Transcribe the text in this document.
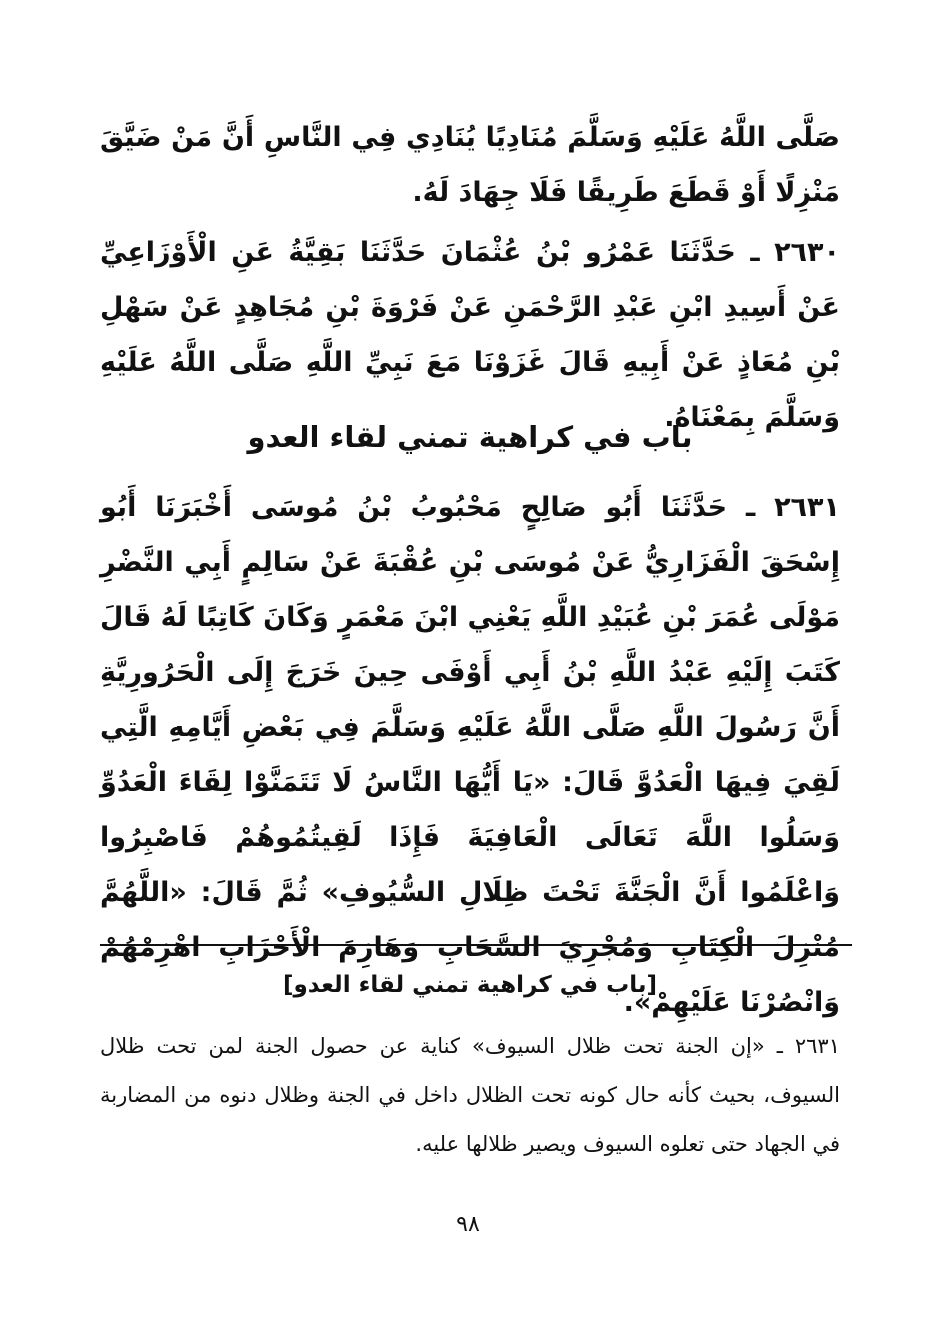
صَلَّى اللَّهُ عَلَيْهِ وَسَلَّمَ مُنَادِيًا يُنَادِي فِي النَّاسِ أَنَّ مَنْ ضَيَّقَ مَنْزِلًا أَوْ قَطَعَ طَرِيقًا فَلَا جِهَادَ لَهُ.

٢٦٣٠ ـ حَدَّثَنَا عَمْرُو بْنُ عُثْمَانَ حَدَّثَنَا بَقِيَّةُ عَنِ الْأَوْزَاعِيِّ عَنْ أَسِيدِ ابْنِ عَبْدِ الرَّحْمَنِ عَنْ فَرْوَةَ بْنِ مُجَاهِدٍ عَنْ سَهْلِ بْنِ مُعَاذٍ عَنْ أَبِيهِ قَالَ غَزَوْنَا مَعَ نَبِيِّ اللَّهِ صَلَّى اللَّهُ عَلَيْهِ وَسَلَّمَ بِمَعْنَاهُ.

باب في كراهية تمني لقاء العدو

٢٦٣١ ـ حَدَّثَنَا أَبُو صَالِحٍ مَحْبُوبُ بْنُ مُوسَى أَخْبَرَنَا أَبُو إِسْحَقَ الْفَزَارِيُّ عَنْ مُوسَى بْنِ عُقْبَةَ عَنْ سَالِمٍ أَبِي النَّضْرِ مَوْلَى عُمَرَ بْنِ عُبَيْدِ اللَّهِ يَعْنِي ابْنَ مَعْمَرٍ وَكَانَ كَاتِبًا لَهُ قَالَ كَتَبَ إِلَيْهِ عَبْدُ اللَّهِ بْنُ أَبِي أَوْفَى حِينَ خَرَجَ إِلَى الْحَرُورِيَّةِ أَنَّ رَسُولَ اللَّهِ صَلَّى اللَّهُ عَلَيْهِ وَسَلَّمَ فِي بَعْضِ أَيَّامِهِ الَّتِي لَقِيَ فِيهَا الْعَدُوَّ قَالَ: «يَا أَيُّهَا النَّاسُ لَا تَتَمَنَّوْا لِقَاءَ الْعَدُوِّ وَسَلُوا اللَّهَ تَعَالَى الْعَافِيَةَ فَإِذَا لَقِيتُمُوهُمْ فَاصْبِرُوا وَاعْلَمُوا أَنَّ الْجَنَّةَ تَحْتَ ظِلَالِ السُّيُوفِ» ثُمَّ قَالَ: «اللَّهُمَّ مُنْزِلَ الْكِتَابِ وَمُجْرِيَ السَّحَابِ وَهَازِمَ الْأَحْزَابِ اهْزِمْهُمْ وَانْصُرْنَا عَلَيْهِمْ».

[باب في كراهية تمني لقاء العدو]
٢٦٣١ ـ «إن الجنة تحت ظلال السيوف» كناية عن حصول الجنة لمن تحت ظلال السيوف، بحيث كأنه حال كونه تحت الظلال داخل في الجنة وظلال دنوه من المضاربة في الجهاد حتى تعلوه السيوف ويصير ظلالها عليه.
٩٨
